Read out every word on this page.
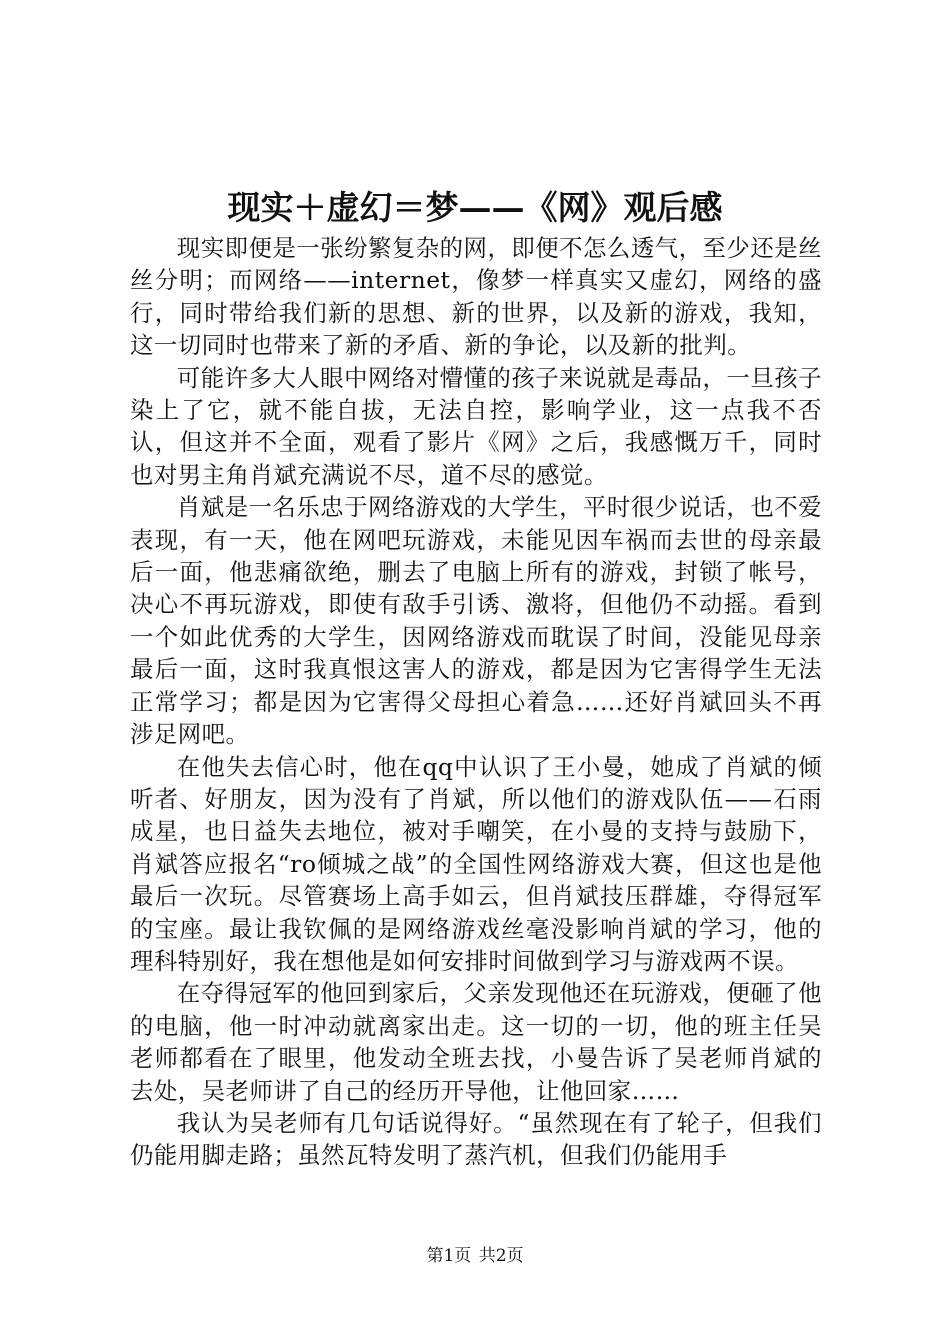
现实＋虚幻＝梦——《网》观后感

现实即便是一张纷繁复杂的网，即便不怎么透气，至少还是丝丝分明；而网络——internet，像梦一样真实又虚幻，网络的盛行，同时带给我们新的思想、新的世界，以及新的游戏，我知，这一切同时也带来了新的矛盾、新的争论，以及新的批判。

可能许多大人眼中网络对懵懂的孩子来说就是毒品，一旦孩子染上了它，就不能自拔，无法自控，影响学业，这一点我不否认，但这并不全面，观看了影片《网》之后，我感慨万千，同时也对男主角肖斌充满说不尽，道不尽的感觉。

肖斌是一名乐忠于网络游戏的大学生，平时很少说话，也不爱表现，有一天，他在网吧玩游戏，未能见因车祸而去世的母亲最后一面，他悲痛欲绝，删去了电脑上所有的游戏，封锁了帐号，决心不再玩游戏，即使有敌手引诱、激将，但他仍不动摇。看到一个如此优秀的大学生，因网络游戏而耽误了时间，没能见母亲最后一面，这时我真恨这害人的游戏，都是因为它害得学生无法正常学习；都是因为它害得父母担心着急……还好肖斌回头不再涉足网吧。

在他失去信心时，他在qq中认识了王小曼，她成了肖斌的倾听者、好朋友，因为没有了肖斌，所以他们的游戏队伍——石雨成星，也日益失去地位，被对手嘲笑，在小曼的支持与鼓励下，肖斌答应报名“ro倾城之战”的全国性网络游戏大赛，但这也是他最后一次玩。尽管赛场上高手如云，但肖斌技压群雄，夺得冠军的宝座。最让我钦佩的是网络游戏丝毫没影响肖斌的学习，他的理科特别好，我在想他是如何安排时间做到学习与游戏两不误。

在夺得冠军的他回到家后，父亲发现他还在玩游戏，便砸了他的电脑，他一时冲动就离家出走。这一切的一切，他的班主任吴老师都看在了眼里，他发动全班去找，小曼告诉了吴老师肖斌的去处，吴老师讲了自己的经历开导他，让他回家……

我认为吴老师有几句话说得好。“虽然现在有了轮子，但我们仍能用脚走路；虽然瓦特发明了蒸汽机，但我们仍能用手

第1页 共2页
